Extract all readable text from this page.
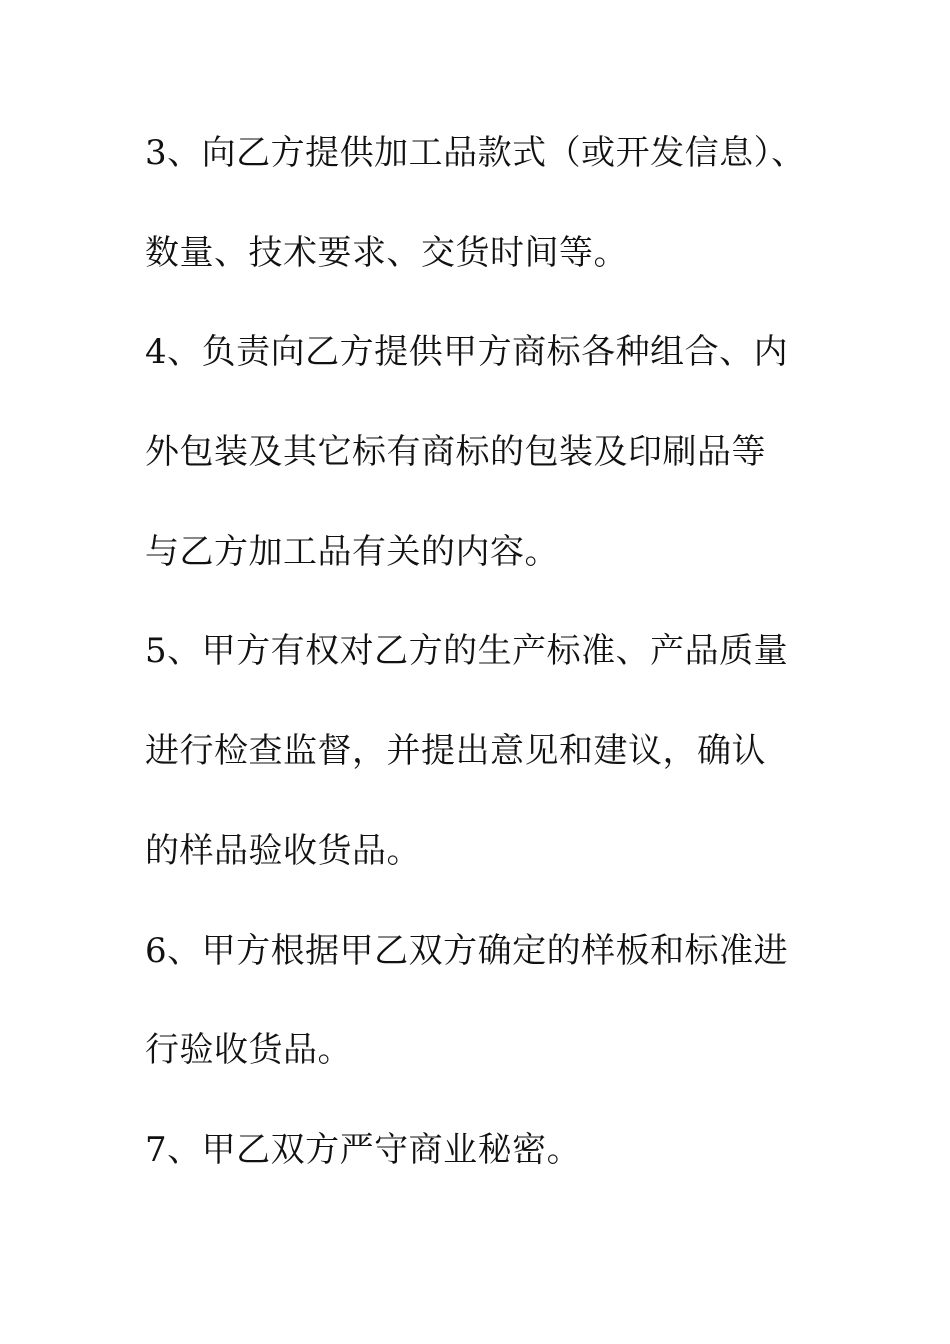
3、向乙方提供加工品款式（或开发信息）、
数量、技术要求、交货时间等。
4、负责向乙方提供甲方商标各种组合、内
外包装及其它标有商标的包装及印刷品等
与乙方加工品有关的内容。
5、甲方有权对乙方的生产标准、产品质量
进行检查监督，并提出意见和建议，确认
的样品验收货品。
6、甲方根据甲乙双方确定的样板和标准进
行验收货品。
7、甲乙双方严守商业秘密。
